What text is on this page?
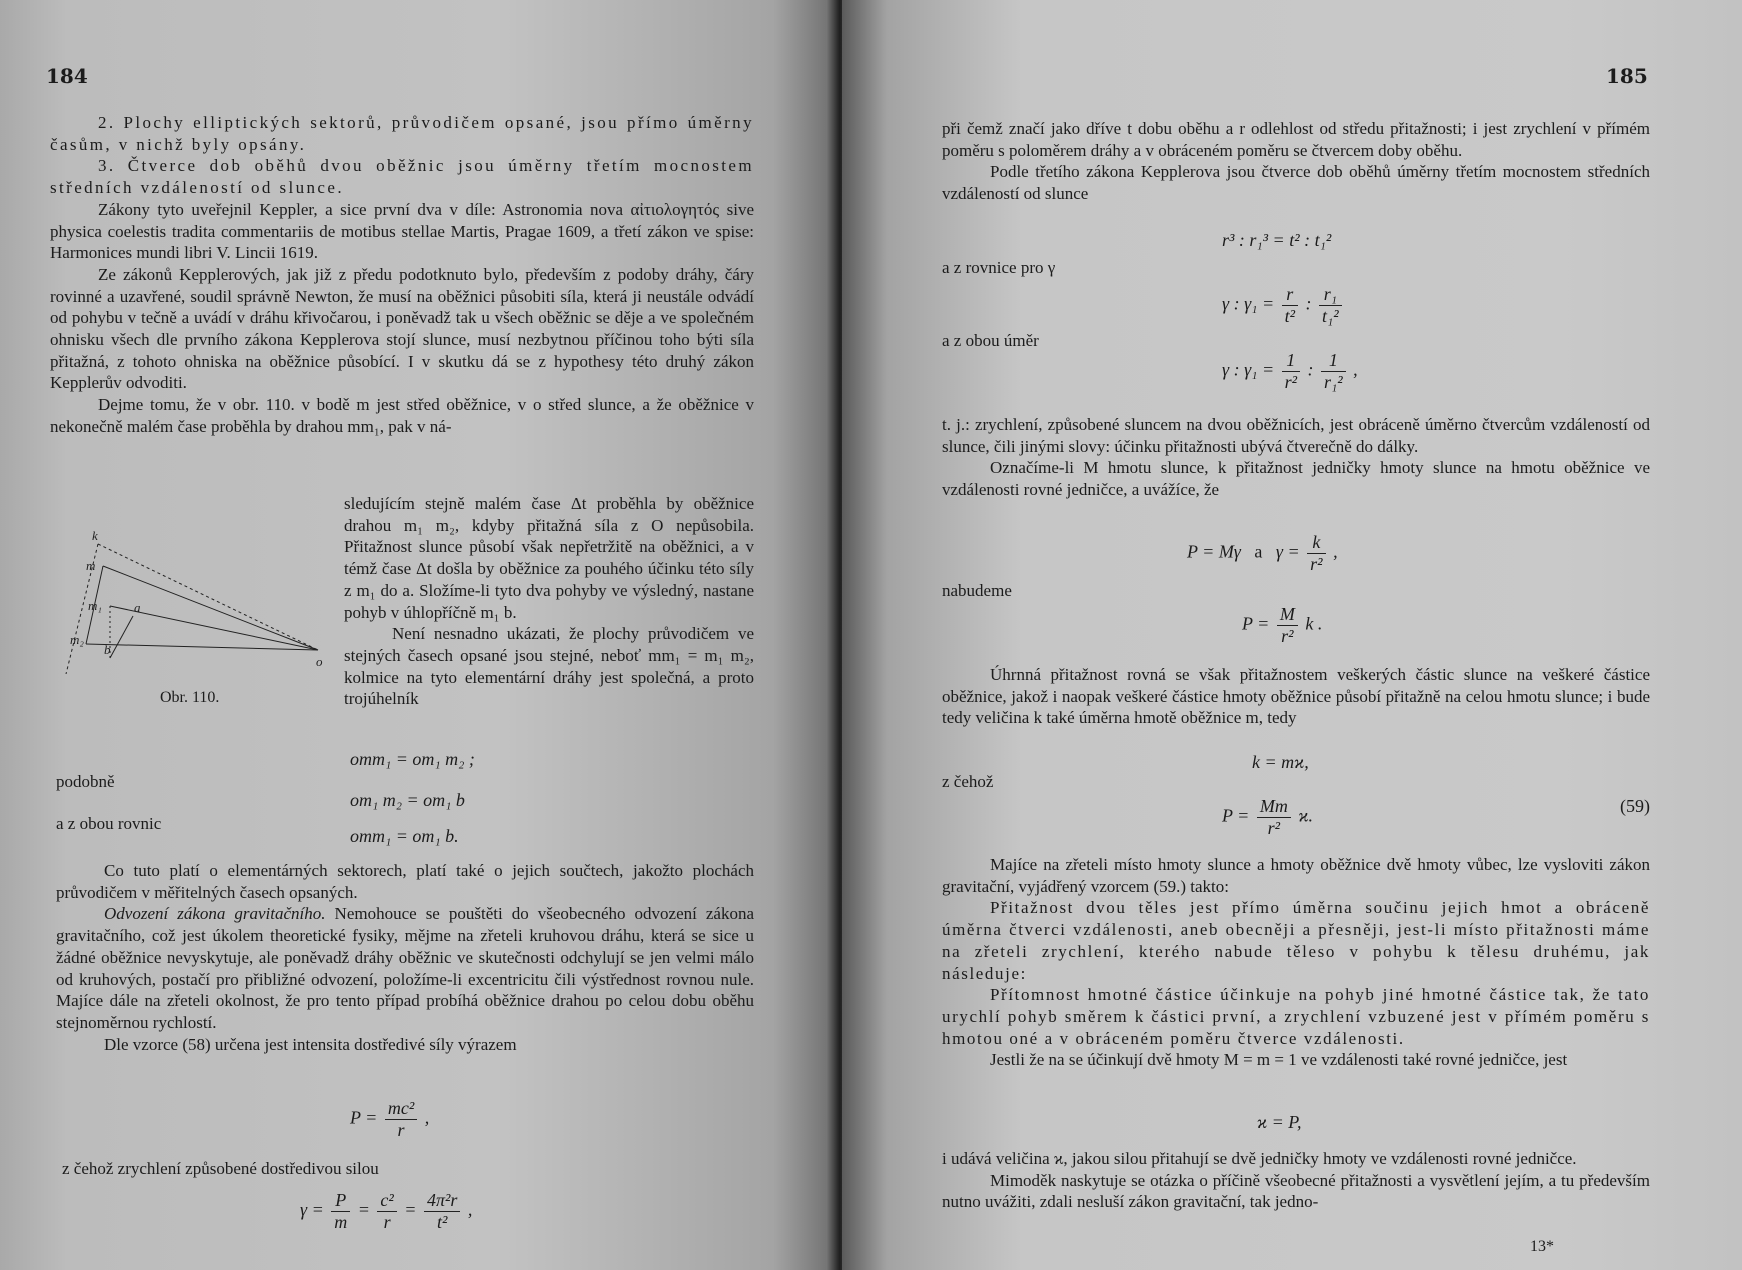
184

2. Plochy elliptických sektorů, průvodičem opsané, jsou přímo úměrny časům, v nichž byly opsány.

3. Čtverce dob oběhů dvou oběžnic jsou úměrny třetím mocnostem středních vzdáleností od slunce.

Zákony tyto uveřejnil Keppler, a sice první dva v díle: Astronomia nova αἰτιολογητός sive physica coelestis tradita commentariis de motibus stellae Martis, Pragae 1609, a třetí zákon ve spise: Harmonices mundi libri V. Lincii 1619.

Ze zákonů Kepplerových, jak již z předu podotknuto bylo, především z podoby dráhy, čáry rovinné a uzavřené, soudil správně Newton, že musí na oběžnici působiti síla, která ji neustále odvádí od pohybu v tečně a uvádí v dráhu křivočarou, i poněvadž tak u všech oběžnic se děje a ve společném ohnisku všech dle prvního zákona Kepplerova stojí slunce, musí nezbytnou příčinou toho býti síla přitažná, z tohoto ohniska na oběžnice působící. I v skutku dá se z hypothesy této druhý zákon Kepplerův odvoditi.

Dejme tomu, že v obr. 110. v bodě m jest střed oběžnice, v o střed slunce, a že oběžnice v nekonečně malém čase proběhla by drahou mm₁, pak v ná-

k
m
m₁ a
m₂
b
o
Obr. 110.

sledujícím stejně malém čase Δt proběhla by oběžnice drahou m₁ m₂, kdyby přitažná síla z O nepůsobila. Přitažnost slunce působí však nepřetržitě na oběžnici, a v témž čase Δt došla by oběžnice za pouhého účinku této síly z m₁ do a. Složíme-li tyto dva pohyby ve výsledný, nastane pohyb v úhlopříčně m₁ b.

Není nesnadno ukázati, že plochy průvodičem ve stejných časech opsané jsou stejné, neboť mm₁ = m₁ m₂, kolmice na tyto elementární dráhy jest společná, a proto trojúhelník

omm₁ = om₁ m₂ ;
podobně
om₁ m₂ = om₁ b
a z obou rovnic
omm₁ = om₁ b.

Co tuto platí o elementárných sektorech, platí také o jejich součtech, jakožto plochách průvodičem v měřitelných časech opsaných.

Odvození zákona gravitačního. Nemohouce se pouštěti do všeobecného odvození zákona gravitačního, což jest úkolem theoretické fysiky, mějme na zřeteli kruhovou dráhu, která se sice u žádné oběžnice nevyskytuje, ale poněvadž dráhy oběžnic ve skutečnosti odchylují se jen velmi málo od kruhových, postačí pro přibližné odvození, položíme-li excentricitu čili výstřednost rovnou nule. Majíce dále na zřeteli okolnost, že pro tento případ probíhá oběžnice drahou po celou dobu oběhu stejnoměrnou rychlostí.

Dle vzorce (58) určena jest intensita dostředivé síly výrazem

$P = \frac{\text{mc²}}{r}$ ,

z čehož zrychlení způsobené dostředivou silou

$\gamma = \frac{P}{m} = \frac{\text{c²}}{r} = \frac{\text{4π²r}}{\text{t²}}$ ,
185

při čemž značí jako dříve t dobu oběhu a r odlehlost od středu přitažnosti; i jest zrychlení v přímém poměru s poloměrem dráhy a v obráceném poměru se čtvercem doby oběhu.

Podle třetího zákona Kepplerova jsou čtverce dob oběhů úměrny třetím mocnostem středních vzdáleností od slunce

r³ : r₁³ = t² : t₁²
a z rovnice pro γ
γ : $\gamma_1 = \frac{r}{\text{t²}}$ : $\frac{\text{r₁}}{\text{t₁²}}$
a z obou úměr
γ : $\gamma_1 = \frac{1}{\text{r²}}$ : $\frac{1}{\text{r₁²}}$ ,

t. j.: zrychlení, způsobené sluncem na dvou oběžnicích, jest obráceně úměrno čtvercům vzdáleností od slunce, čili jinými slovy: účinku přitažnosti ubývá čtverečně do dálky.

Označíme-li M hmotu slunce, k přitažnost jedničky hmoty slunce na hmotu oběžnice ve vzdálenosti rovné jedničce, a uvážíce, že

P = Mγ   a   $\gamma = \frac{k}{\text{r²}}$ ,
nabudeme
$P = \frac{M}{\text{r²}}$ k .

Úhrnná přitažnost rovná se však přitažnostem veškerých částic slunce na veškeré částice oběžnice, jakož i naopak veškeré částice hmoty oběžnice působí přitažně na celou hmotu slunce; i bude tedy veličina k také úměrna hmotě oběžnice m, tedy

k = mϰ,
z čehož
$P = \frac{Mm}{\text{r²}} ϰ$.	(59)

Majíce na zřeteli místo hmoty slunce a hmoty oběžnice dvě hmoty vůbec, lze vysloviti zákon gravitační, vyjádřený vzorcem (59.) takto:

Přitažnost dvou těles jest přímo úměrna součinu jejich hmot a obráceně úměrna čtverci vzdálenosti, aneb obecněji a přesněji, jest-li místo přitažnosti máme na zřeteli zrychlení, kterého nabude těleso v pohybu k tělesu druhému, jak následuje:

Přítomnost hmotné částice účinkuje na pohyb jiné hmotné částice tak, že tato urychlí pohyb směrem k částici první, a zrychlení vzbuzené jest v přímém poměru s hmotou oné a v obráceném poměru čtverce vzdálenosti.

Jestli že na se účinkují dvě hmoty M = m = 1 ve vzdálenosti také rovné jedničce, jest

ϰ = P,

i udává veličina ϰ, jakou silou přitahují se dvě jedničky hmoty ve vzdálenosti rovné jedničce.

Mimoděk naskytuje se otázka o příčině všeobecné přitažnosti a vysvětlení jejím, a tu především nutno uvážiti, zdali nesluší zákon gravitační, tak jedno-

13*
